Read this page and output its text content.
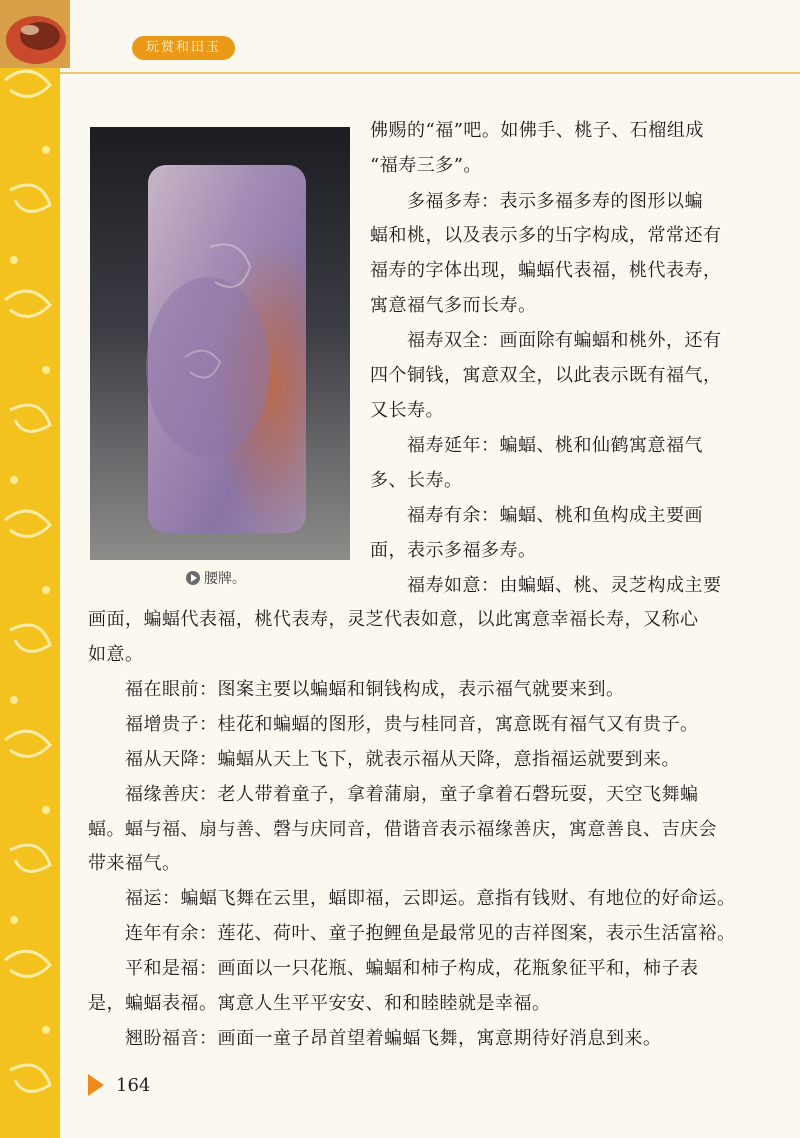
玩赏和田玉
腰牌。
佛赐的“福”吧。如佛手、桃子、石榴组成
“福寿三多”。
　　多福多寿：表示多福多寿的图形以蝙
蝠和桃，以及表示多的卐字构成，常常还有
福寿的字体出现，蝙蝠代表福，桃代表寿，
寓意福气多而长寿。
　　福寿双全：画面除有蝙蝠和桃外，还有
四个铜钱，寓意双全，以此表示既有福气，
又长寿。
　　福寿延年：蝙蝠、桃和仙鹤寓意福气
多、长寿。
　　福寿有余：蝙蝠、桃和鱼构成主要画
面，表示多福多寿。
　　福寿如意：由蝙蝠、桃、灵芝构成主要
画面，蝙蝠代表福，桃代表寿，灵芝代表如意，以此寓意幸福长寿，又称心
如意。
　　福在眼前：图案主要以蝙蝠和铜钱构成，表示福气就要来到。
　　福增贵子：桂花和蝙蝠的图形，贵与桂同音，寓意既有福气又有贵子。
　　福从天降：蝙蝠从天上飞下，就表示福从天降，意指福运就要到来。
　　福缘善庆：老人带着童子，拿着蒲扇，童子拿着石磬玩耍，天空飞舞蝙
蝠。蝠与福、扇与善、磬与庆同音，借谐音表示福缘善庆，寓意善良、吉庆会
带来福气。
　　福运：蝙蝠飞舞在云里，蝠即福，云即运。意指有钱财、有地位的好命运。
　　连年有余：莲花、荷叶、童子抱鲤鱼是最常见的吉祥图案，表示生活富裕。
　　平和是福：画面以一只花瓶、蝙蝠和柿子构成，花瓶象征平和，柿子表
是，蝙蝠表福。寓意人生平平安安、和和睦睦就是幸福。
　　翘盼福音：画面一童子昂首望着蝙蝠飞舞，寓意期待好消息到来。
164
